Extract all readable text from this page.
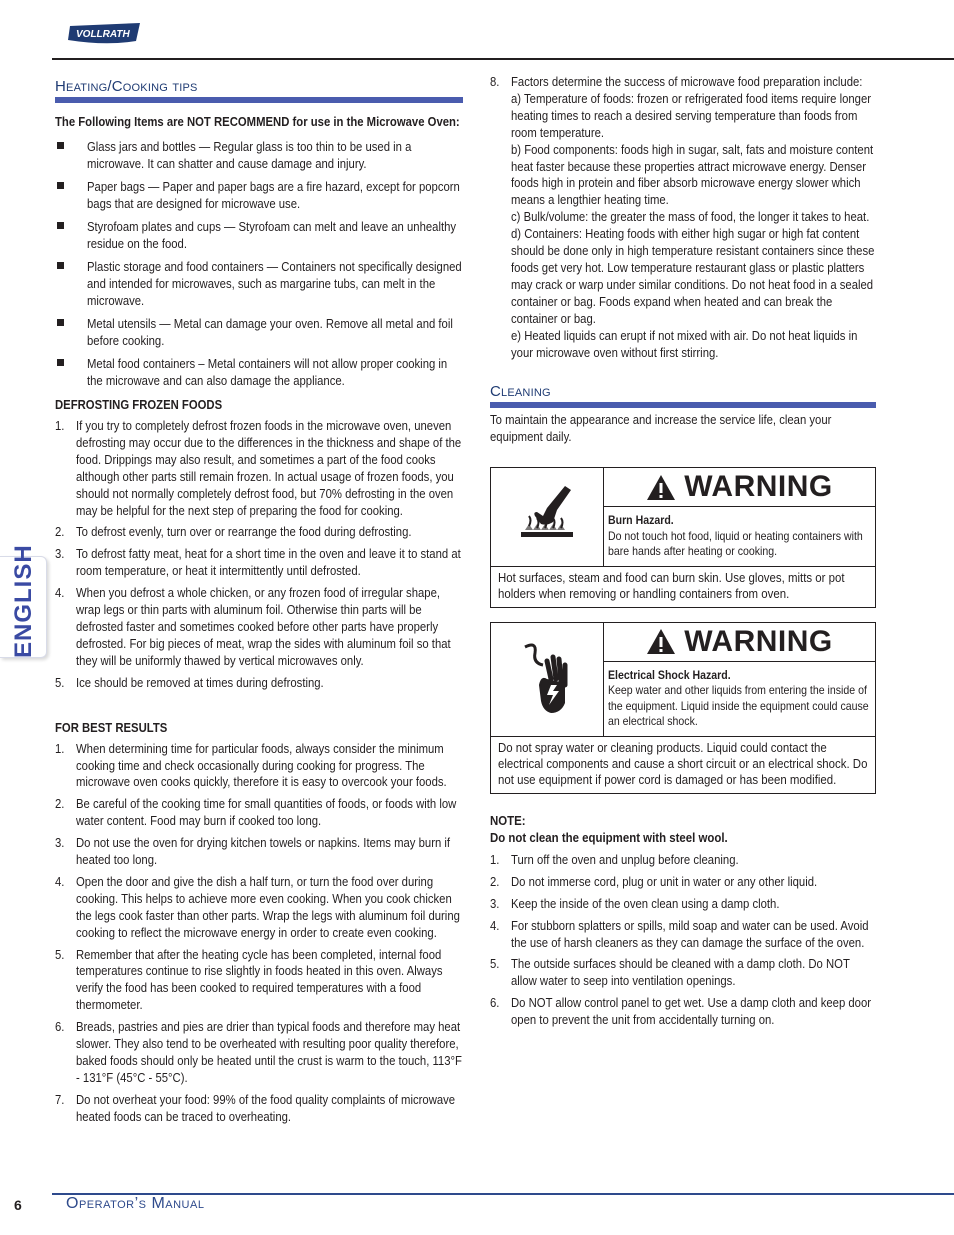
VOLLRATH
ENGLISH
Heating/Cooking tips
The Following Items are NOT RECOMMEND for use in the Microwave Oven:
Glass jars and bottles — Regular glass is too thin to be used in a microwave. It can shatter and cause damage and injury.
Paper bags — Paper and paper bags are a fire hazard, except for popcorn bags that are designed for microwave use.
Styrofoam plates and cups — Styrofoam can melt and leave an unhealthy residue on the food.
Plastic storage and food containers — Containers not specifically designed and intended for microwaves, such as margarine tubs, can melt in the microwave.
Metal utensils — Metal can damage your oven. Remove all metal and foil before cooking.
Metal food containers – Metal containers will not allow proper cooking in the microwave and can also damage the appliance.
DEFROSTING FROZEN FOODS
1. If you try to completely defrost frozen foods in the microwave oven, uneven defrosting may occur due to the differences in the thickness and shape of the food. Drippings may also result, and sometimes a part of the food cooks although other parts still remain frozen. In actual usage of frozen foods, you should not normally completely defrost food, but 70% defrosting in the oven may be helpful for the next step of preparing the food for cooking.
2. To defrost evenly, turn over or rearrange the food during defrosting.
3. To defrost fatty meat, heat for a short time in the oven and leave it to stand at room temperature, or heat it intermittently until defrosted.
4. When you defrost a whole chicken, or any frozen food of irregular shape, wrap legs or thin parts with aluminum foil. Otherwise thin parts will be defrosted faster and sometimes cooked before other parts have properly defrosted. For big pieces of meat, wrap the sides with aluminum foil so that they will be uniformly thawed by vertical microwaves only.
5. Ice should be removed at times during defrosting.
FOR BEST RESULTS
1. When determining time for particular foods, always consider the minimum cooking time and check occasionally during cooking for progress. The microwave oven cooks quickly, therefore it is easy to overcook your foods.
2. Be careful of the cooking time for small quantities of foods, or foods with low water content. Food may burn if cooked too long.
3. Do not use the oven for drying kitchen towels or napkins. Items may burn if heated too long.
4. Open the door and give the dish a half turn, or turn the food over during cooking. This helps to achieve more even cooking. When you cook chicken the legs cook faster than other parts. Wrap the legs with aluminum foil during cooking to reflect the microwave energy in order to create even cooking.
5. Remember that after the heating cycle has been completed, internal food temperatures continue to rise slightly in foods heated in this oven. Always verify the food has been cooked to required temperatures with a food thermometer.
6. Breads, pastries and pies are drier than typical foods and therefore may heat slower. They also tend to be overheated with resulting poor quality therefore, baked foods should only be heated until the crust is warm to the touch, 113°F - 131°F (45°C - 55°C).
7. Do not overheat your food: 99% of the food quality complaints of microwave heated foods can be traced to overheating.
8. Factors determine the success of microwave food preparation include:
a) Temperature of foods: frozen or refrigerated food items require longer heating times to reach a desired serving temperature than foods from room temperature.
b) Food components: foods high in sugar, salt, fats and moisture content heat faster because these properties attract microwave energy. Denser foods high in protein and fiber absorb microwave energy slower which means a lengthier heating time.
c) Bulk/volume: the greater the mass of food, the longer it takes to heat.
d) Containers: Heating foods with either high sugar or high fat content should be done only in high temperature resistant containers since these foods get very hot. Low temperature restaurant glass or plastic platters may crack or warp under similar conditions. Do not heat food in a sealed container or bag. Foods expand when heated and can break the container or bag.
e) Heated liquids can erupt if not mixed with air. Do not heat liquids in your microwave oven without first stirring.
Cleaning
To maintain the appearance and increase the service life, clean your equipment daily.
WARNING
Burn Hazard.
Do not touch hot food, liquid or heating containers with bare hands after heating or cooking.
Hot surfaces, steam and food can burn skin. Use gloves, mitts or pot holders when removing or handling containers from oven.
WARNING
Electrical Shock Hazard.
Keep water and other liquids from entering the inside of the equipment. Liquid inside the equipment could cause an electrical shock.
Do not spray water or cleaning products. Liquid could contact the electrical components and cause a short circuit or an electrical shock. Do not use equipment if power cord is damaged or has been modified.
NOTE:
Do not clean the equipment with steel wool.
1. Turn off the oven and unplug before cleaning.
2. Do not immerse cord, plug or unit in water or any other liquid.
3. Keep the inside of the oven clean using a damp cloth.
4. For stubborn splatters or spills, mild soap and water can be used. Avoid the use of harsh cleaners as they can damage the surface of the oven.
5. The outside surfaces should be cleaned with a damp cloth. Do NOT allow water to seep into ventilation openings.
6. Do NOT allow control panel to get wet. Use a damp cloth and keep door open to prevent the unit from accidentally turning on.
6	Operator’s Manual
